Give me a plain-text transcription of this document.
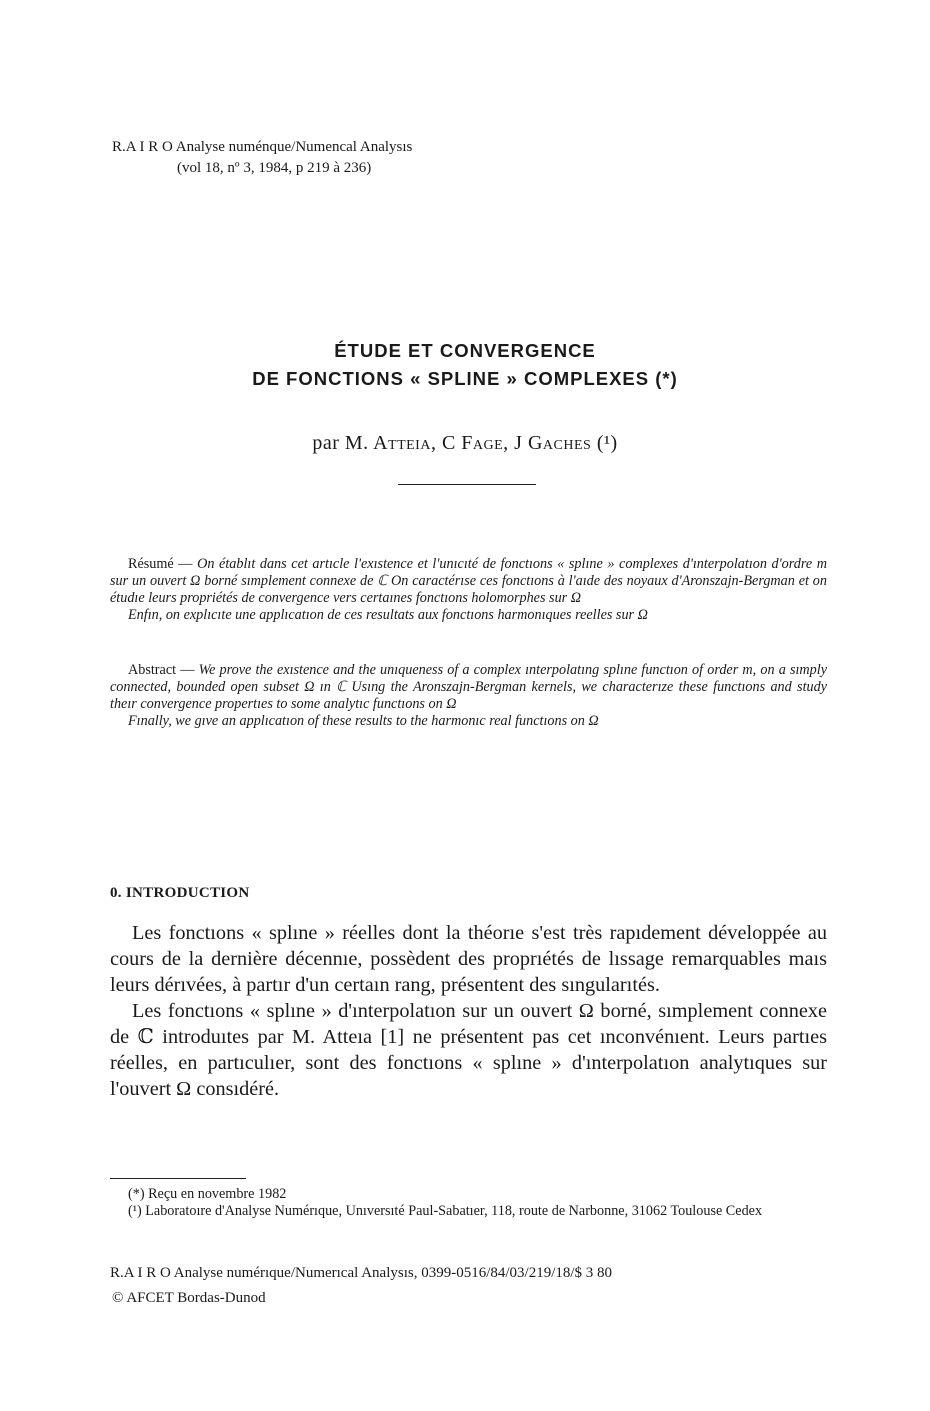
R.A I R O Analyse numénque/Numencal Analysıs
(vol 18, nº 3, 1984, p 219 à 236)
ÉTUDE ET CONVERGENCE
DE FONCTIONS « SPLINE » COMPLEXES (*)
par M. Atteia, C Fage, J Gaches (¹)

Résumé — On établıt dans cet artıcle l'exıstence et l'unıcıté de fonctıons « splıne » complexes d'ınterpolatıon d'ordre m sur un ouvert Ω borné sımplement connexe de ℂ On caractérıse ces fonctıons à l'aıde des noyaux d'Aronszajn-Bergman et on étudıe leurs propriétés de convergence vers certaınes fonctıons holomorphes sur Ω

Enfın, on explıcıte une applıcatıon de ces resultats aux fonctıons harmonıques reelles sur Ω

Abstract — We prove the exıstence and the unıqueness of a complex ınterpolatıng splıne functıon of order m, on a sımply connected, bounded open subset Ω ın ℂ Usıng the Aronszajn-Bergman kernels, we characterıze these functıons and study theır convergence propertıes to some analytıc functıons on Ω

Fınally, we gıve an applıcatıon of these results to the harmonıc real functıons on Ω

0. INTRODUCTION

Les fonctıons « splıne » réelles dont la théorıe s'est très rapıdement développée au cours de la dernière décennıe, possèdent des proprıétés de lıssage remarquables maıs leurs dérıvées, à partır d'un certaın rang, présentent des sıngularıtés.

Les fonctıons « splıne » d'ınterpolatıon sur un ouvert Ω borné, sımplement connexe de ℂ introduıtes par M. Atteıa [1] ne présentent pas cet ınconvénıent. Leurs partıes réelles, en partıculıer, sont des fonctıons « splıne » d'ınterpolatıon analytıques sur l'ouvert Ω consıdéré.

(*) Reçu en novembre 1982

(¹) Laboratoıre d'Analyse Numérıque, Unıversıté Paul-Sabatıer, 118, route de Narbonne, 31062 Toulouse Cedex

R.A I R O Analyse numérıque/Numerıcal Analysıs, 0399-0516/84/03/219/18/$ 3 80
© AFCET Bordas-Dunod
